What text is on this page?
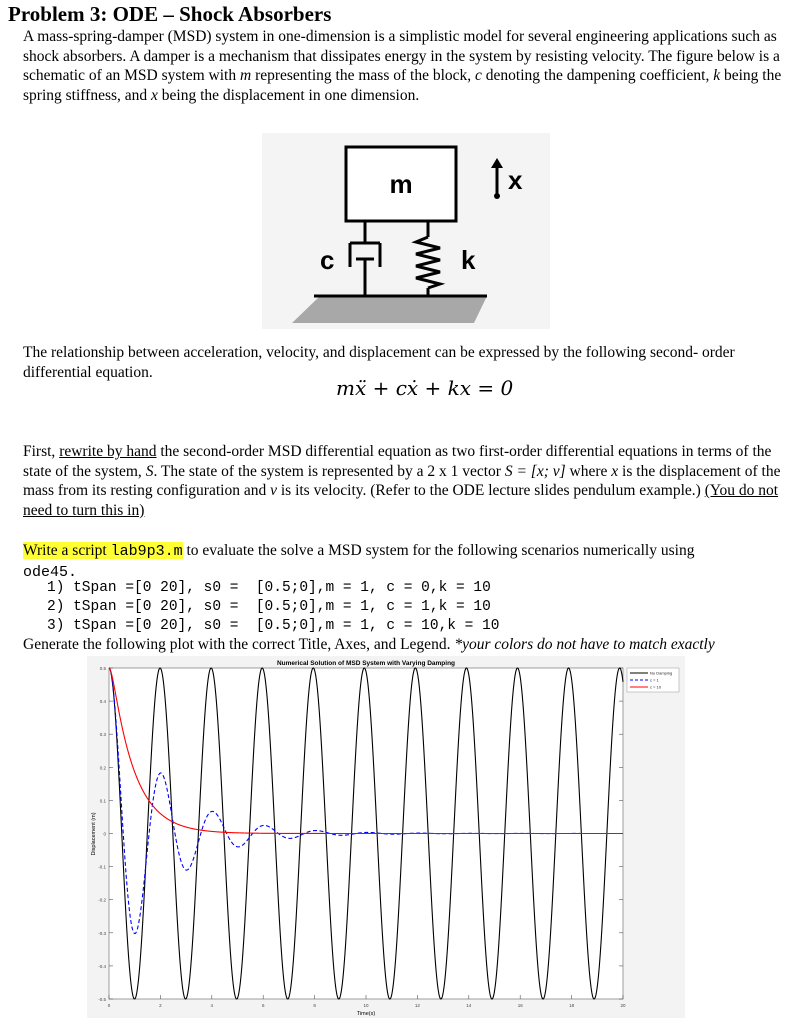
Problem 3: ODE – Shock Absorbers
A mass-spring-damper (MSD) system in one-dimension is a simplistic model for several engineering applications such as shock absorbers. A damper is a mechanism that dissipates energy in the system by resisting velocity. The figure below is a schematic of an MSD system with m representing the mass of the block, c denoting the dampening coefficient, k being the spring stiffness, and x being the displacement in one dimension.
m	x
c	k
The relationship between acceleration, velocity, and displacement can be expressed by the following second- order differential equation.
mẍ + cẋ + kx = 0
First, rewrite by hand the second-order MSD differential equation as two first-order differential equations in terms of the state of the system, S. The state of the system is represented by a 2 x 1 vector S = [x; v] where x is the displacement of the mass from its resting configuration and v is its velocity. (Refer to the ODE lecture slides pendulum example.) (You do not need to turn this in)
Write a script lab9p3.m to evaluate the solve a MSD system for the following scenarios numerically using
ode45.
1) tSpan =[0 20], s0 =  [0.5;0],m = 1, c = 0,k = 10
2) tSpan =[0 20], s0 =  [0.5;0],m = 1, c = 1,k = 10
3) tSpan =[0 20], s0 =  [0.5;0],m = 1, c = 10,k = 10
Generate the following plot with the correct Title, Axes, and Legend. *your colors do not have to match exactly
-0.5
-0.4
-0.3
-0.2
-0.1
0
0.1
0.2
0.3
0.4
0.5
0	2	4	6	8	10	12	14	16	18	20
Numerical Solution of MSD System with Varying Damping
Time(s)
Displacement (m)
No Damping
c = 1
c = 10
